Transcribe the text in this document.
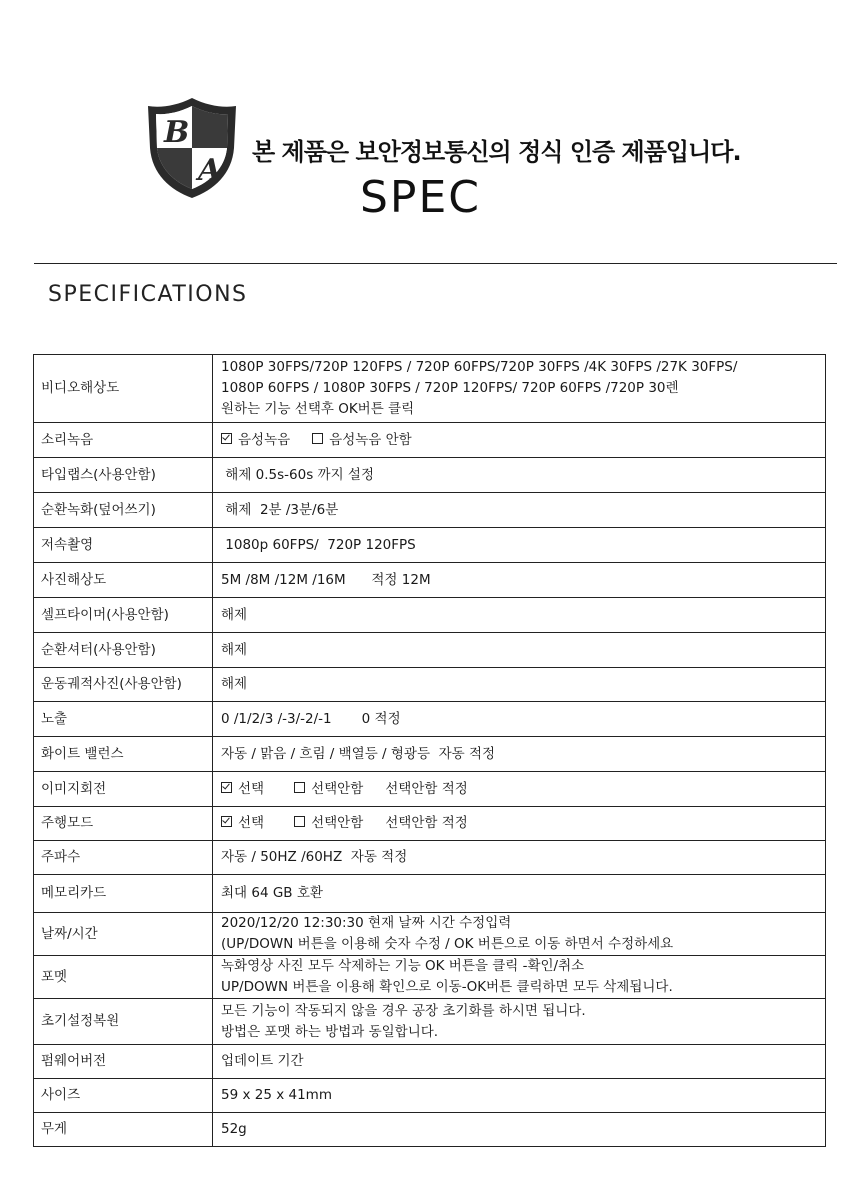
B
A
본 제품은 보안정보통신의 정식 인증 제품입니다.
SPEC
SPECIFICATIONS
비디오해상도	1080P 30FPS/720P 120FPS / 720P 60FPS/720P 30FPS /4K 30FPS /27K 30FPS/
1080P 60FPS / 1080P 30FPS / 720P 120FPS/ 720P 60FPS /720P 30렌
원하는 기능 선택후 OK버튼 클릭

소리녹음	음성녹음 음성녹음 안함

타입랩스(사용안함)	해제 0.5s-60s 까지 설정

순환녹화(덮어쓰기)	해제  2분 /3분/6분

저속촬영	1080p 60FPS/  720P 120FPS

사진해상도	5M /8M /12M /16M      적정 12M

셀프타이머(사용안함)	해제

순환셔터(사용안함)	해제

운동궤적사진(사용안함)	해제

노출	0 /1/2/3 /-3/-2/-1       0 적정

화이트 밸런스	자동 / 맑음 / 흐림 / 백열등 / 형광등  자동 적정

이미지회전	선택 선택안함 선택안함 적정

주행모드	선택 선택안함 선택안함 적정

주파수	자동 / 50HZ /60HZ  자동 적정

메모리카드	최대 64 GB 호환

날짜/시간	2020/12/20 12:30:30 현재 날짜 시간 수정입력
(UP/DOWN 버튼을 이용해 숫자 수정 / OK 버튼으로 이동 하면서 수정하세요

포멧	녹화영상 사진 모두 삭제하는 기능 OK 버튼을 클릭 -확인/취소
UP/DOWN 버튼을 이용해 확인으로 이동-OK버튼 클릭하면 모두 삭제됩니다.

초기설정복원	모든 기능이 작동되지 않을 경우 공장 초기화를 하시면 됩니다.
방법은 포맷 하는 방법과 동일합니다.

펌웨어버전	업데이트 기간

사이즈	59 x 25 x 41mm

무게	52g
